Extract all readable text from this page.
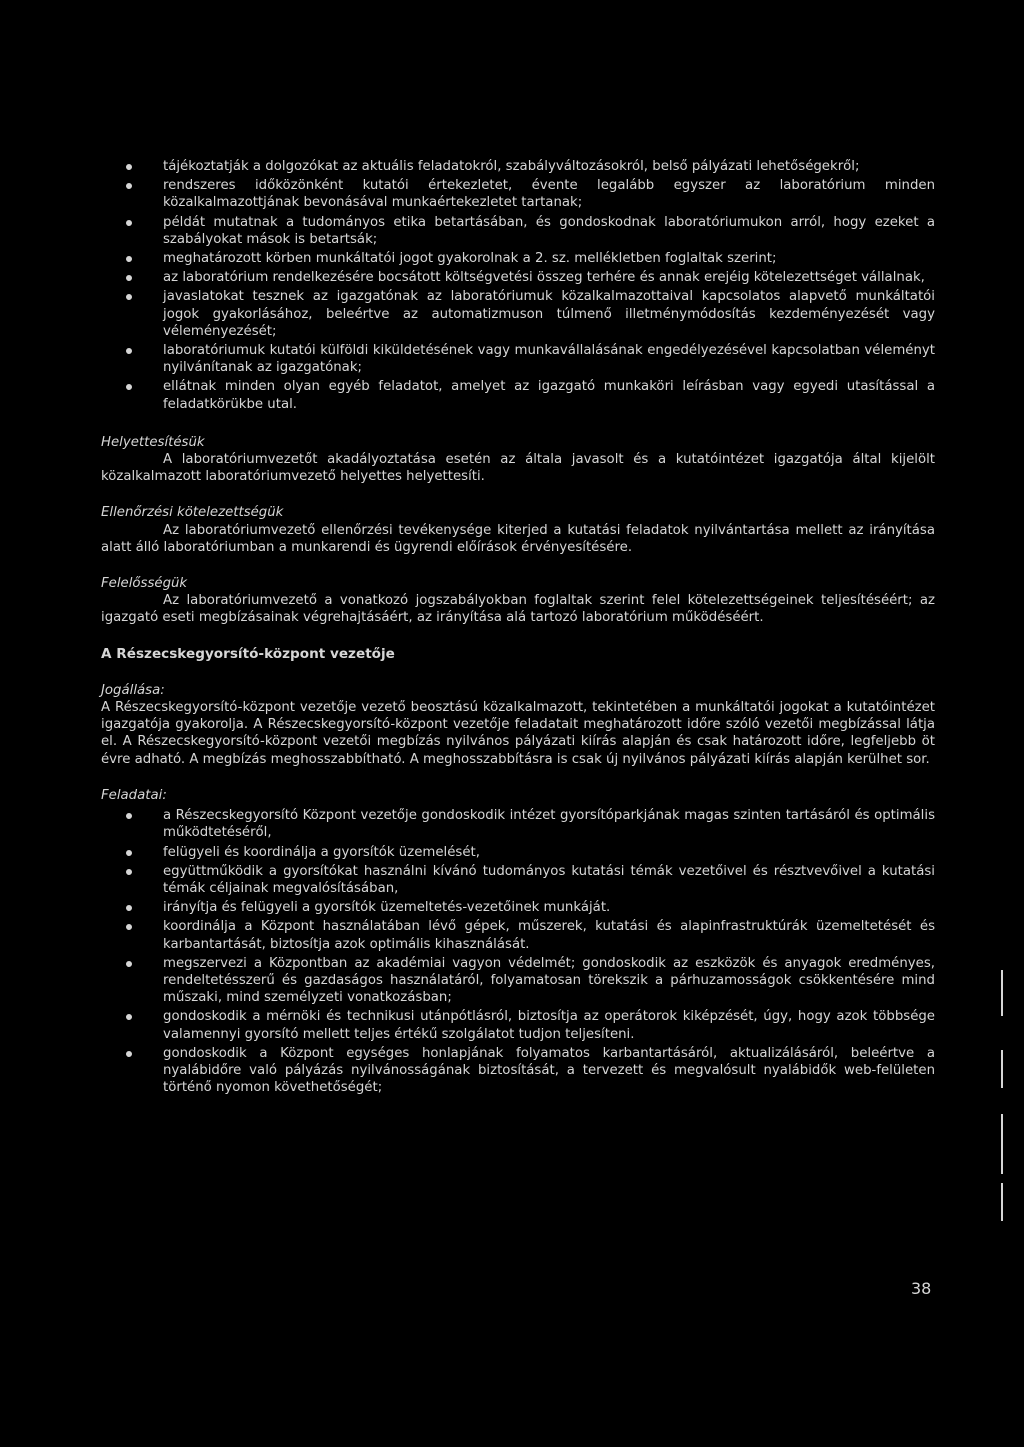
tájékoztatják a dolgozókat az aktuális feladatokról, szabályváltozásokról, belső pályázati lehetőségekről;
rendszeres időközönként kutatói értekezletet, évente legalább egyszer az laboratórium minden közalkalmazottjának bevonásával munkaértekezletet tartanak;
példát mutatnak a tudományos etika betartásában, és gondoskodnak laboratóriumukon arról, hogy ezeket a szabályokat mások is betartsák;
meghatározott körben munkáltatói jogot gyakorolnak a 2. sz. mellékletben foglaltak szerint;
az laboratórium rendelkezésére bocsátott költségvetési összeg terhére és annak erejéig kötelezettséget vállalnak,
javaslatokat tesznek az igazgatónak az laboratóriumuk közalkalmazottaival kapcsolatos alapvető munkáltatói jogok gyakorlásához, beleértve az automatizmuson túlmenő illetménymódosítás kezdeményezését vagy véleményezését;
laboratóriumuk kutatói külföldi kiküldetésének vagy munkavállalásának engedélyezésével kapcsolatban véleményt nyilvánítanak az igazgatónak;
ellátnak minden olyan egyéb feladatot, amelyet az igazgató munkaköri leírásban vagy egyedi utasítással a feladatkörükbe utal.

Helyettesítésük

A laboratóriumvezetőt akadályoztatása esetén az általa javasolt és a kutatóintézet igazgatója által kijelölt közalkalmazott laboratóriumvezető helyettes helyettesíti.

Ellenőrzési kötelezettségük

Az laboratóriumvezető ellenőrzési tevékenysége kiterjed a kutatási feladatok nyilvántartása mellett az irányítása alatt álló laboratóriumban a munkarendi és ügyrendi előírások érvényesítésére.

Felelősségük

Az laboratóriumvezető a vonatkozó jogszabályokban foglaltak szerint felel kötelezettségeinek teljesítéséért; az igazgató eseti megbízásainak végrehajtásáért, az irányítása alá tartozó laboratórium működéséért.

A Részecskegyorsító-központ vezetője

Jogállása:

A Részecskegyorsító-központ vezetője vezető beosztású közalkalmazott, tekintetében a munkáltatói jogokat a kutatóintézet igazgatója gyakorolja. A Részecskegyorsító-központ vezetője feladatait meghatározott időre szóló vezetői megbízással látja el. A Részecskegyorsító-központ vezetői megbízás nyilvános pályázati kiírás alapján és csak határozott időre, legfeljebb öt évre adható. A megbízás meghosszabbítható. A meghosszabbításra is csak új nyilvános pályázati kiírás alapján kerülhet sor.

Feladatai:

a Részecskegyorsító Központ vezetője gondoskodik intézet gyorsítóparkjának magas szinten tartásáról és optimális működtetéséről,
felügyeli és koordinálja a gyorsítók üzemelését,
együttműködik a gyorsítókat használni kívánó tudományos kutatási témák vezetőivel és résztvevőivel a kutatási témák céljainak megvalósításában,
irányítja és felügyeli a gyorsítók üzemeltetés-vezetőinek munkáját.
koordinálja a Központ használatában lévő gépek, műszerek, kutatási és alapinfrastruktúrák üzemeltetését és karbantartását, biztosítja azok optimális kihasználását.
megszervezi a Központban az akadémiai vagyon védelmét; gondoskodik az eszközök és anyagok eredményes, rendeltetésszerű és gazdaságos használatáról, folyamatosan törekszik a párhuzamosságok csökkentésére mind műszaki, mind személyzeti vonatkozásban;
gondoskodik a mérnöki és technikusi utánpótlásról, biztosítja az operátorok kiképzését, úgy, hogy azok többsége valamennyi gyorsító mellett teljes értékű szolgálatot tudjon teljesíteni.
gondoskodik a Központ egységes honlapjának folyamatos karbantartásáról, aktualizálásáról, beleértve a nyalábidőre való pályázás nyilvánosságának biztosítását, a tervezett és megvalósult nyalábidők web-felületen történő nyomon követhetőségét;
38
